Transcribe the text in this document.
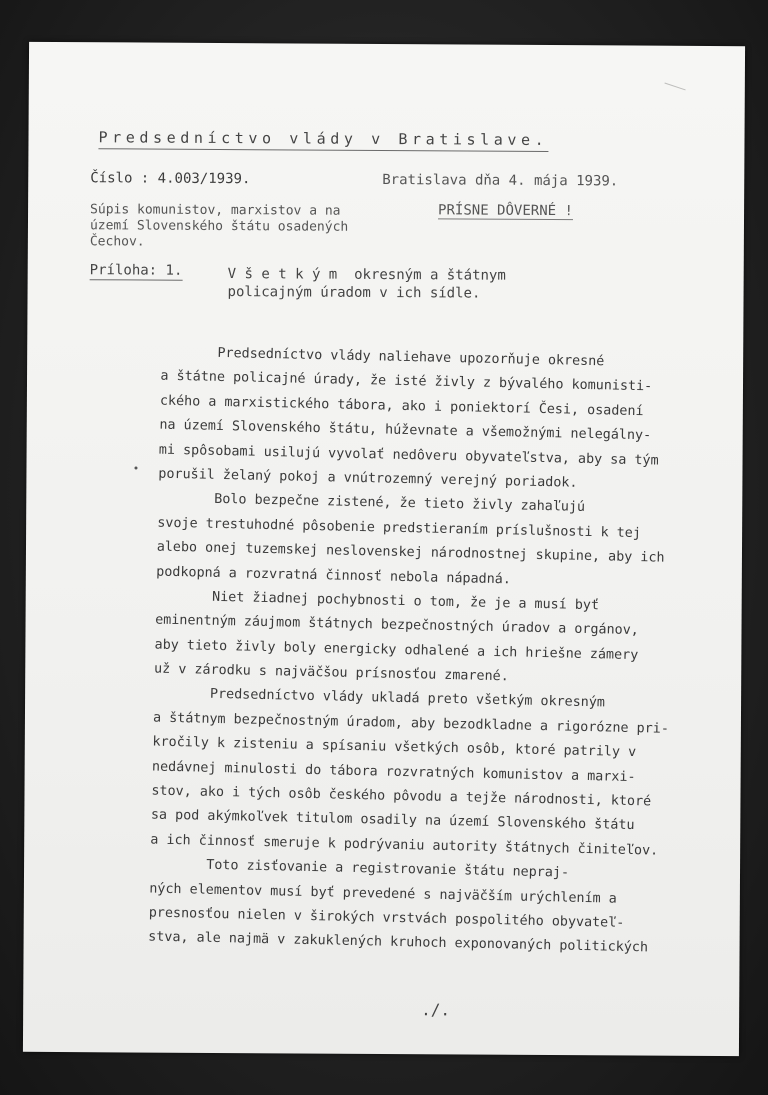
Predsedníctvo vlády v Bratislave.
Číslo : 4.003/1939.	Bratislava dňa 4. mája 1939.
Súpis komunistov, marxistov a na
území Slovenského štátu osadených
Čechov.
PRÍSNE DÔVERNÉ !
Príloha: 1.	V š e t k ý m  okresným a štátnym
policajným úradom v ich sídle.
Predsedníctvo vlády naliehave upozorňuje okresné
a štátne policajné úrady, že isté živly z bývalého komunisti-
ckého a marxistického tábora, ako i poniektorí Česi, osadení
na území Slovenského štátu, húževnate a všemožnými nelegálny-
mi spôsobami usilujú vyvolať nedôveru obyvateľstva, aby sa tým
porušil želaný pokoj a vnútrozemný verejný poriadok.
Bolo bezpečne zistené, že tieto živly zahaľujú
svoje trestuhodné pôsobenie predstieraním príslušnosti k tej
alebo onej tuzemskej neslovenskej národnostnej skupine, aby ich
podkopná a rozvratná činnosť nebola nápadná.
Niet žiadnej pochybnosti o tom, že je a musí byť
eminentným záujmom štátnych bezpečnostných úradov a orgánov,
aby tieto živly boly energicky odhalené a ich hriešne zámery
už v zárodku s najväčšou prísnosťou zmarené.
Predsedníctvo vlády ukladá preto všetkým okresným
a štátnym bezpečnostným úradom, aby bezodkladne a rigorózne pri-
kročily k zisteniu a spísaniu všetkých osôb, ktoré patrily v
nedávnej minulosti do tábora rozvratných komunistov a marxi-
stov, ako i tých osôb českého pôvodu a tejže národnosti, ktoré
sa pod akýmkoľvek titulom osadily na území Slovenského štátu
a ich činnosť smeruje k podrývaniu autority štátnych činiteľov.
Toto zisťovanie a registrovanie štátu nepraj-
ných elementov musí byť prevedené s najväčším urýchlením a
presnosťou nielen v širokých vrstvách pospolitého obyvateľ-
stva, ale najmä v zakuklených kruhoch exponovaných politických
./.
